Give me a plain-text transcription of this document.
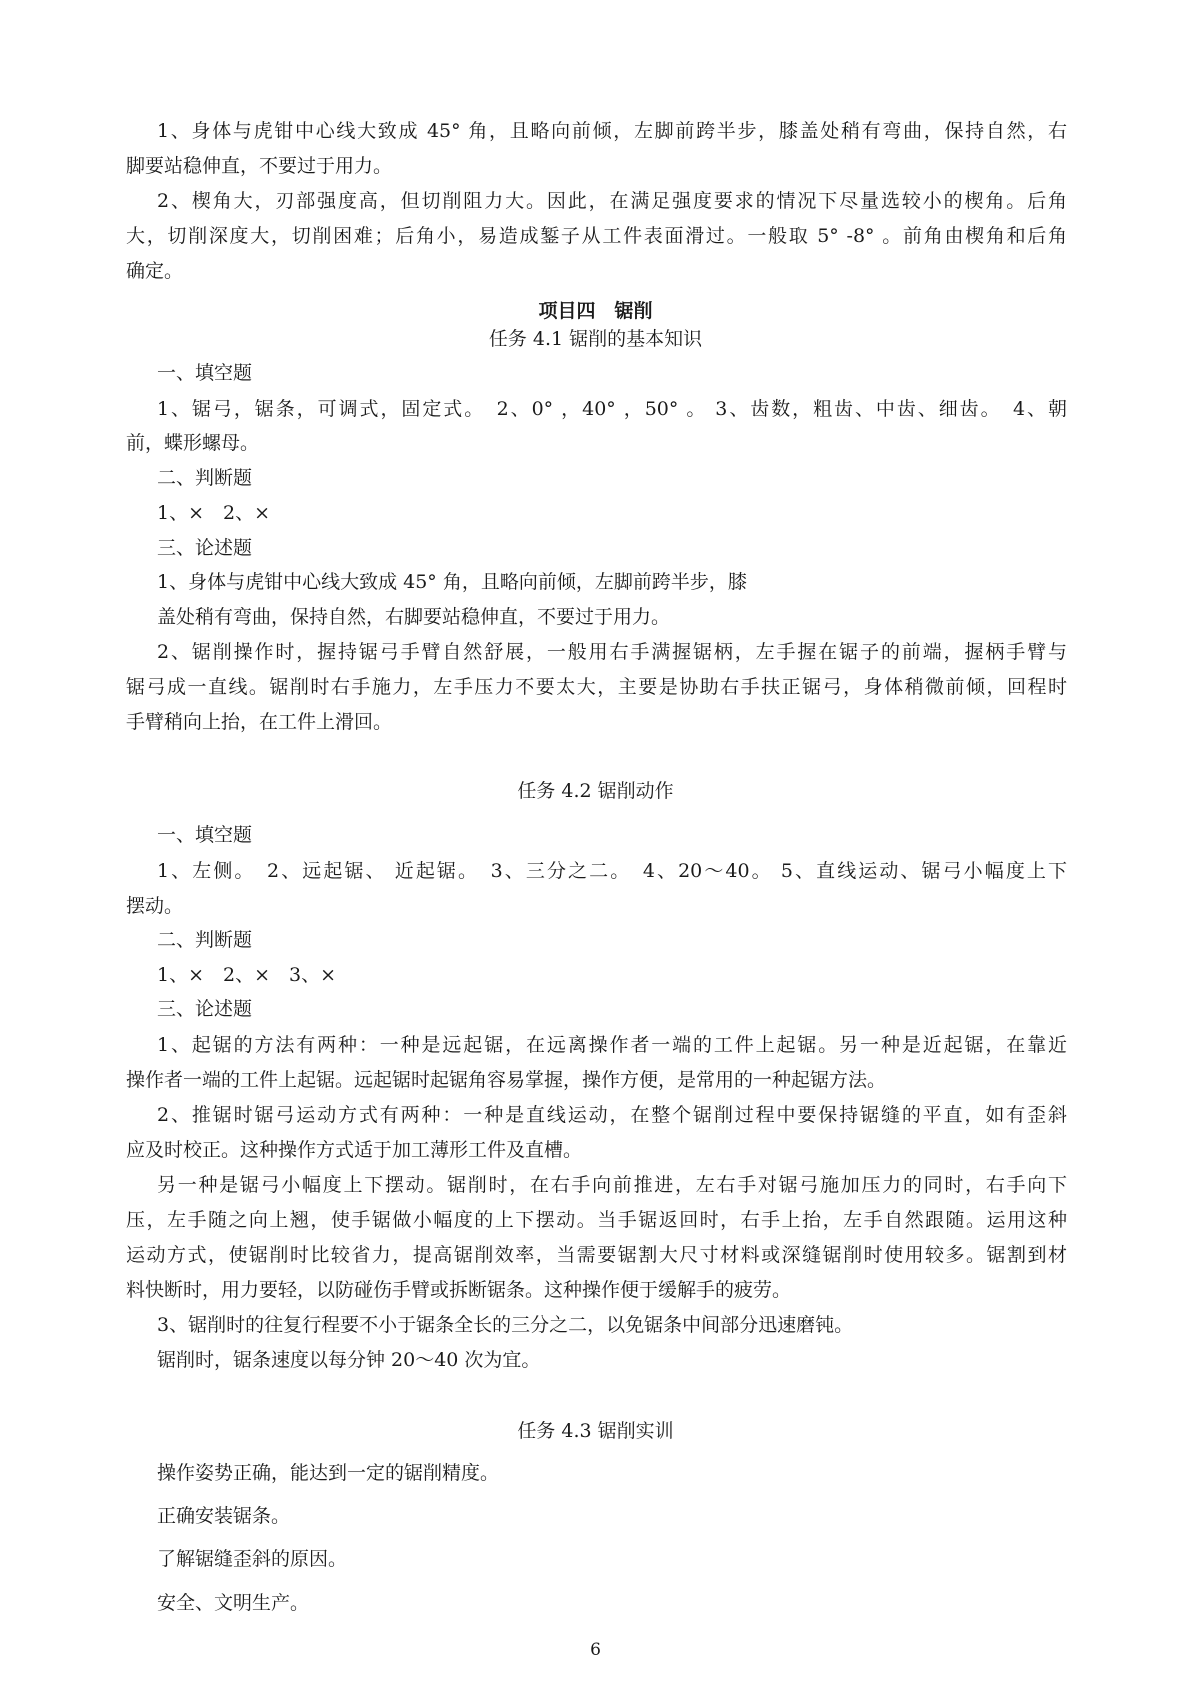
1、身体与虎钳中心线大致成 45° 角，且略向前倾，左脚前跨半步，膝盖处稍有弯曲，保持自然，右
脚要站稳伸直，不要过于用力。
2、楔角大，刃部强度高，但切削阻力大。因此，在满足强度要求的情况下尽量选较小的楔角。后角
大，切削深度大，切削困难；后角小，易造成錾子从工件表面滑过。一般取 5° -8° 。前角由楔角和后角
确定。
项目四　锯削
任务 4.1 锯削的基本知识
一、填空题
1、锯弓，锯条，可调式，固定式。　2、0° ，40° ，50° 。 3、齿数，粗齿、中齿、细齿。　4、朝
前，蝶形螺母。
二、判断题
1、×　2、×
三、论述题
1、身体与虎钳中心线大致成 45° 角，且略向前倾，左脚前跨半步，膝
盖处稍有弯曲，保持自然，右脚要站稳伸直，不要过于用力。
2、锯削操作时，握持锯弓手臂自然舒展，一般用右手满握锯柄，左手握在锯子的前端，握柄手臂与
锯弓成一直线。锯削时右手施力，左手压力不要太大，主要是协助右手扶正锯弓，身体稍微前倾，回程时
手臂稍向上抬，在工件上滑回。
任务 4.2 锯削动作
一、填空题
1、左侧。　2、远起锯、 近起锯。　3、三分之二。　4、20～40。 5、直线运动、锯弓小幅度上下
摆动。
二、判断题
1、×　2、×　3、×
三、论述题
1、起锯的方法有两种：一种是远起锯，在远离操作者一端的工件上起锯。另一种是近起锯，在靠近
操作者一端的工件上起锯。远起锯时起锯角容易掌握，操作方便，是常用的一种起锯方法。
2、推锯时锯弓运动方式有两种：一种是直线运动，在整个锯削过程中要保持锯缝的平直，如有歪斜
应及时校正。这种操作方式适于加工薄形工件及直槽。
另一种是锯弓小幅度上下摆动。锯削时，在右手向前推进，左右手对锯弓施加压力的同时，右手向下
压，左手随之向上翘，使手锯做小幅度的上下摆动。当手锯返回时，右手上抬，左手自然跟随。运用这种
运动方式，使锯削时比较省力，提高锯削效率，当需要锯割大尺寸材料或深缝锯削时使用较多。锯割到材
料快断时，用力要轻，以防碰伤手臂或拆断锯条。这种操作便于缓解手的疲劳。
3、锯削时的往复行程要不小于锯条全长的三分之二，以免锯条中间部分迅速磨钝。
锯削时，锯条速度以每分钟 20～40 次为宜。
任务 4.3 锯削实训
操作姿势正确，能达到一定的锯削精度。
正确安装锯条。
了解锯缝歪斜的原因。
安全、文明生产。
6
